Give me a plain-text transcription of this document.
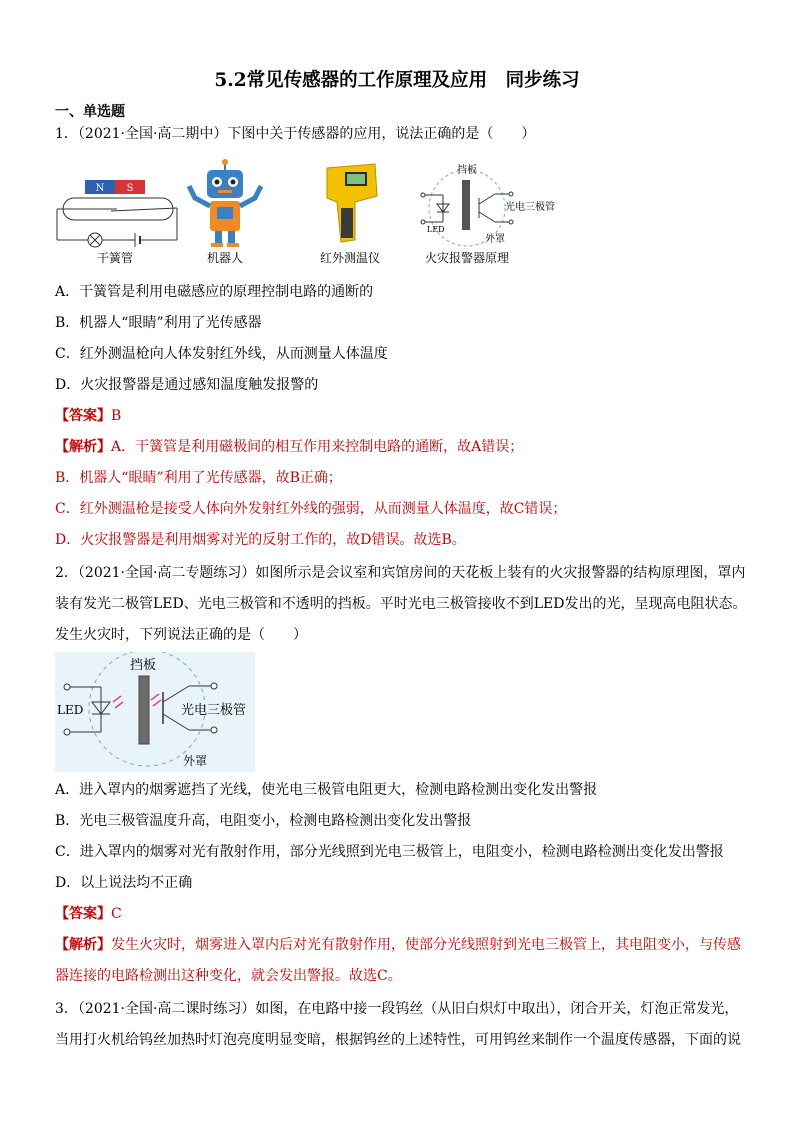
5.2常见传感器的工作原理及应用　同步练习
一、单选题
1．（2021·全国·高二期中）下图中关于传感器的应用，说法正确的是（　　）
N S
干簧管	机器人	红外测温仪
挡板
LED
光电三极管
外罩
火灾报警器原理
A．干簧管是利用电磁感应的原理控制电路的通断的
B．机器人“眼睛”利用了光传感器
C．红外测温枪向人体发射红外线，从而测量人体温度
D．火灾报警器是通过感知温度触发报警的
【答案】B
【解析】A．干簧管是利用磁极间的相互作用来控制电路的通断，故A错误；
B．机器人“眼睛”利用了光传感器，故B正确；
C．红外测温枪是接受人体向外发射红外线的强弱，从而测量人体温度，故C错误；
D．火灾报警器是利用烟雾对光的反射工作的，故D错误。故选B。
2．（2021·全国·高二专题练习）如图所示是会议室和宾馆房间的天花板上装有的火灾报警器的结构原理图，罩内
装有发光二极管LED、光电三极管和不透明的挡板。平时光电三极管接收不到LED发出的光，呈现高电阻状态。
发生火灾时，下列说法正确的是（　　）
挡板
LED	光电三极管
外罩
A．进入罩内的烟雾遮挡了光线，使光电三极管电阻更大，检测电路检测出变化发出警报
B．光电三极管温度升高，电阻变小，检测电路检测出变化发出警报
C．进入罩内的烟雾对光有散射作用，部分光线照到光电三极管上，电阻变小，检测电路检测出变化发出警报
D．以上说法均不正确
【答案】C
【解析】发生火灾时，烟雾进入罩内后对光有散射作用，使部分光线照射到光电三极管上，其电阻变小，与传感
器连接的电路检测出这种变化，就会发出警报。故选C。
3．（2021·全国·高二课时练习）如图，在电路中接一段钨丝（从旧白炽灯中取出），闭合开关，灯泡正常发光，
当用打火机给钨丝加热时灯泡亮度明显变暗，根据钨丝的上述特性，可用钨丝来制作一个温度传感器，下面的说
